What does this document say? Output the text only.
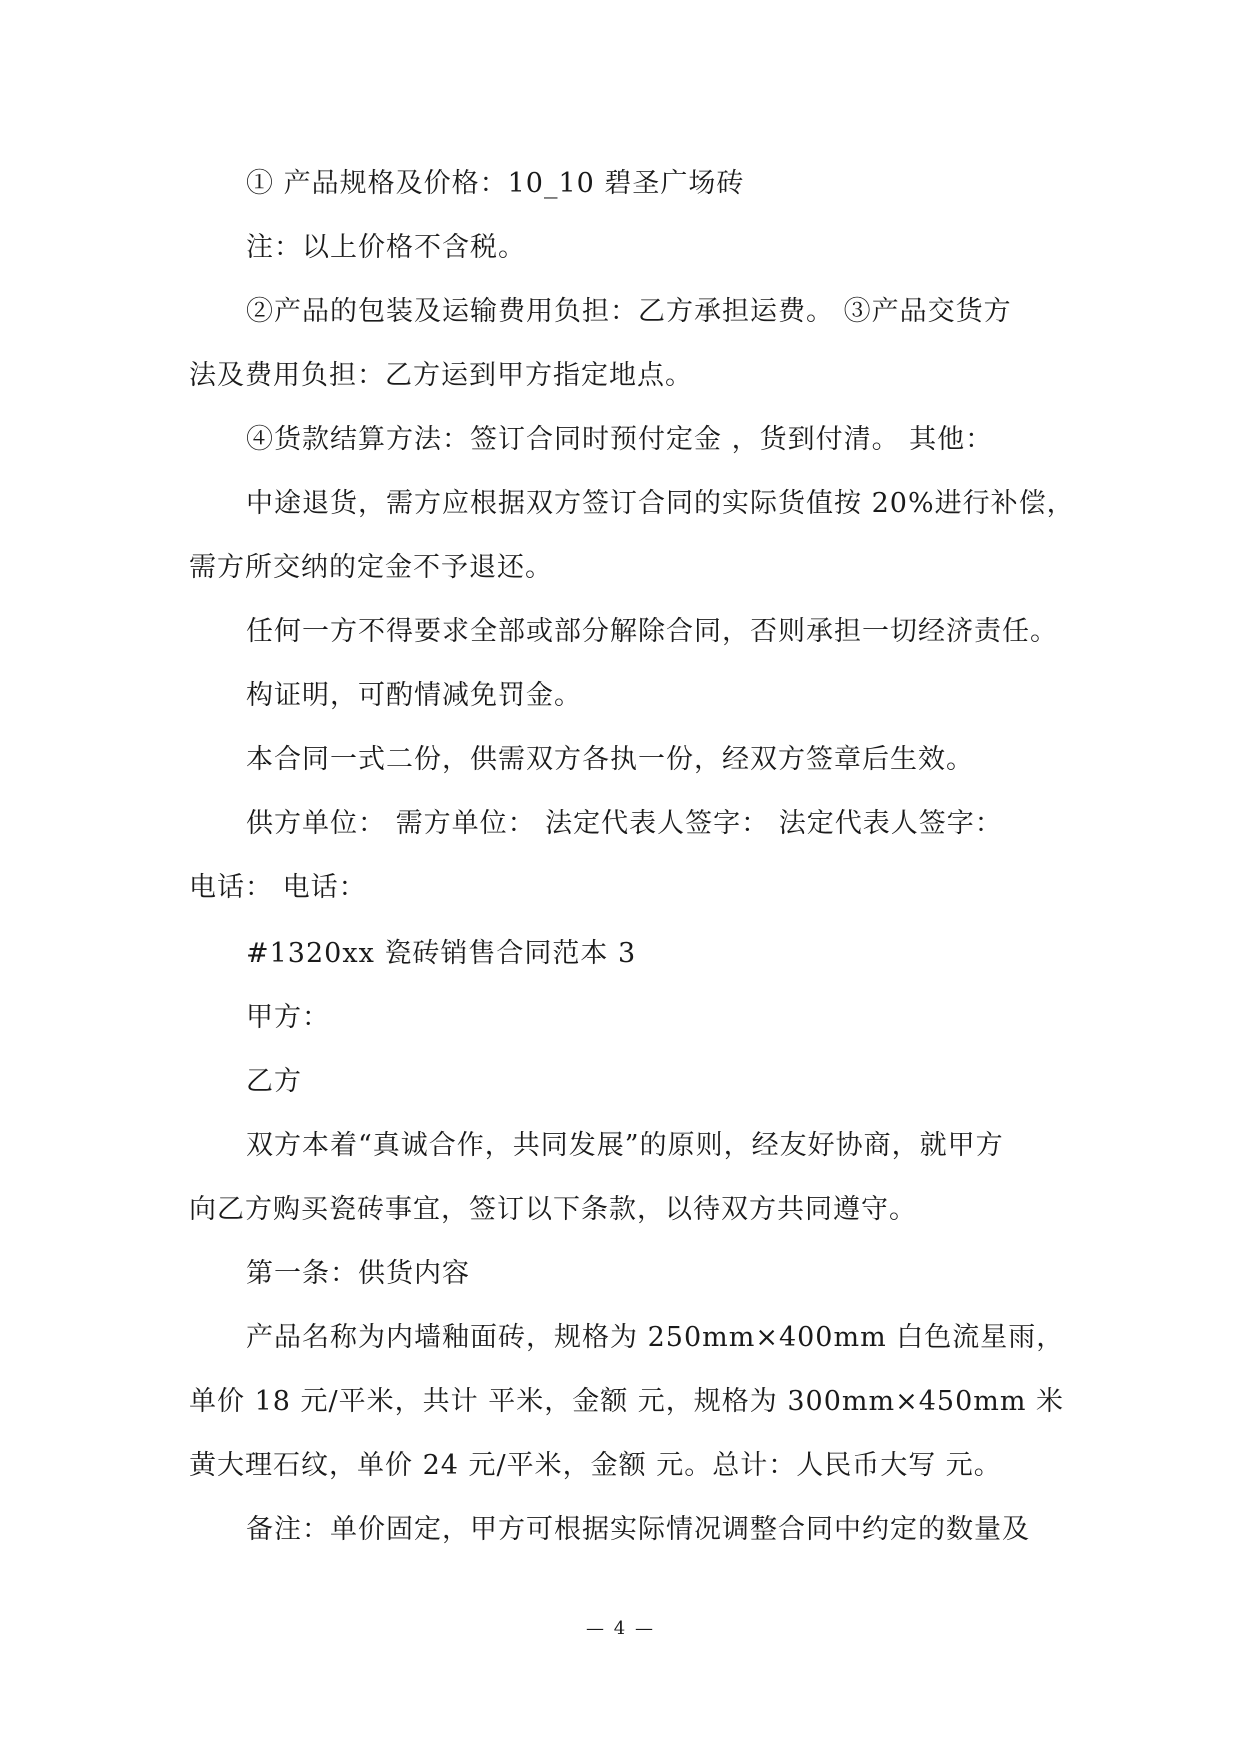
① 产品规格及价格：10_10 碧圣广场砖
注：以上价格不含税。
②产品的包装及运输费用负担：乙方承担运费。 ③产品交货方
法及费用负担：乙方运到甲方指定地点。
④货款结算方法：签订合同时预付定金 ，货到付清。 其他：
中途退货，需方应根据双方签订合同的实际货值按 20%进行补偿，
需方所交纳的定金不予退还。
任何一方不得要求全部或部分解除合同，否则承担一切经济责任。
构证明，可酌情减免罚金。
本合同一式二份，供需双方各执一份，经双方签章后生效。
供方单位： 需方单位： 法定代表人签字： 法定代表人签字：
电话： 电话：
#1320xx 瓷砖销售合同范本 3
甲方：
乙方
双方本着“真诚合作，共同发展”的原则，经友好协商，就甲方
向乙方购买瓷砖事宜，签订以下条款，以待双方共同遵守。
第一条：供货内容
产品名称为内墙釉面砖，规格为 250mm×400mm 白色流星雨，
单价 18 元/平米，共计 平米，金额 元，规格为 300mm×450mm 米
黄大理石纹，单价 24 元/平米，金额 元。总计：人民币大写 元。
备注：单价固定，甲方可根据实际情况调整合同中约定的数量及
— 4 —
